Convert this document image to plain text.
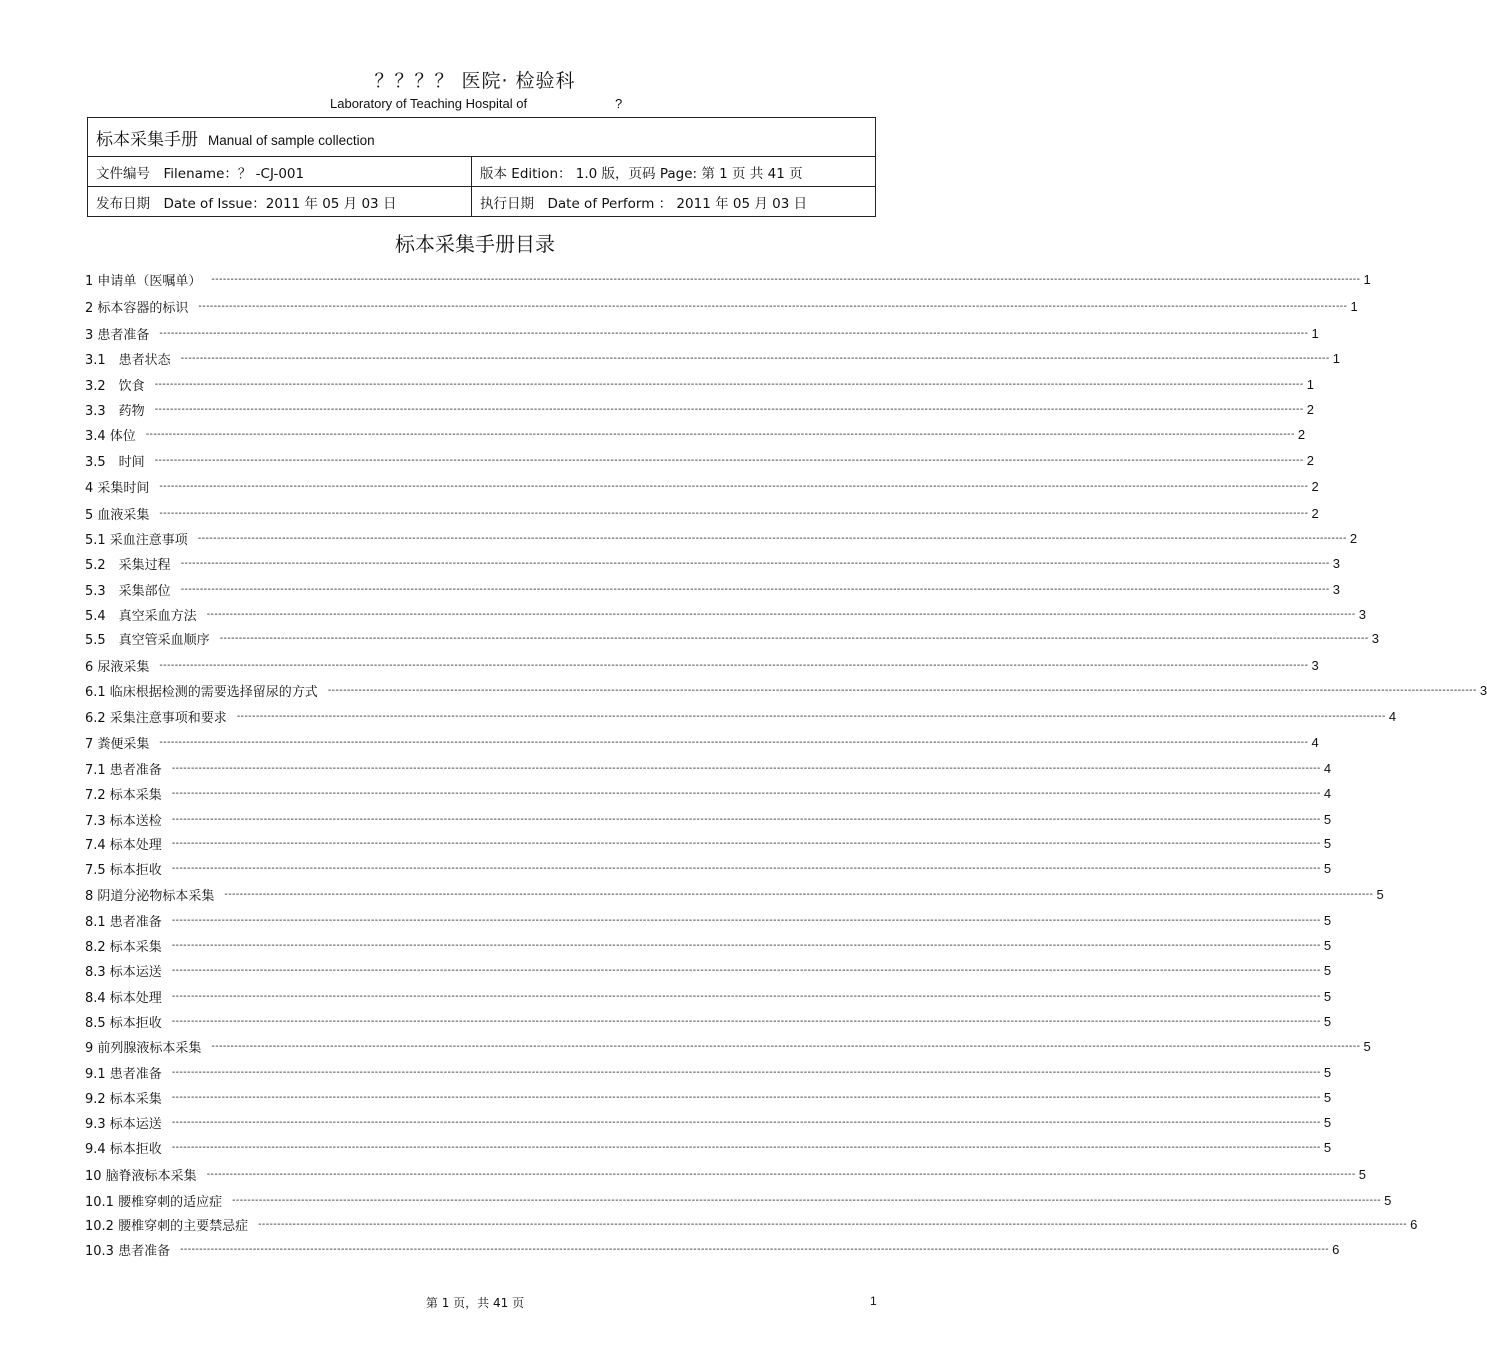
？？？？ 医院· 检验科
Laboratory of Teaching Hospital of	?
标本采集手册 Manual of sample collection	
文件编号　Filename：？ -CJ-001	版本 Edition： 1.0 版，页码 Page: 第 1 页 共 41 页
发布日期　Date of Issue：2011 年 05 月 03 日	执行日期　Date of Perform ： 2011 年 05 月 03 日
标本采集手册目录
1 申请单（医嘱单） ------------------------------------------------------------------------------------------------------------------------------------------------------------------------------------------------------------------------------------------------------------------------------------------------------------ 1
2 标本容器的标识 ------------------------------------------------------------------------------------------------------------------------------------------------------------------------------------------------------------------------------------------------------------------------------------------------------------ 1
3 患者准备 ------------------------------------------------------------------------------------------------------------------------------------------------------------------------------------------------------------------------------------------------------------------------------------------------------------ 1
3.1　患者状态 ------------------------------------------------------------------------------------------------------------------------------------------------------------------------------------------------------------------------------------------------------------------------------------------------------------ 1
3.2　饮食 ------------------------------------------------------------------------------------------------------------------------------------------------------------------------------------------------------------------------------------------------------------------------------------------------------------ 1
3.3　药物 ------------------------------------------------------------------------------------------------------------------------------------------------------------------------------------------------------------------------------------------------------------------------------------------------------------ 2
3.4 体位 ------------------------------------------------------------------------------------------------------------------------------------------------------------------------------------------------------------------------------------------------------------------------------------------------------------ 2
3.5　时间 ------------------------------------------------------------------------------------------------------------------------------------------------------------------------------------------------------------------------------------------------------------------------------------------------------------ 2
4 采集时间 ------------------------------------------------------------------------------------------------------------------------------------------------------------------------------------------------------------------------------------------------------------------------------------------------------------ 2
5 血液采集 ------------------------------------------------------------------------------------------------------------------------------------------------------------------------------------------------------------------------------------------------------------------------------------------------------------ 2
5.1 采血注意事项 ------------------------------------------------------------------------------------------------------------------------------------------------------------------------------------------------------------------------------------------------------------------------------------------------------------ 2
5.2　采集过程 ------------------------------------------------------------------------------------------------------------------------------------------------------------------------------------------------------------------------------------------------------------------------------------------------------------ 3
5.3　采集部位 ------------------------------------------------------------------------------------------------------------------------------------------------------------------------------------------------------------------------------------------------------------------------------------------------------------ 3
5.4　真空采血方法 ------------------------------------------------------------------------------------------------------------------------------------------------------------------------------------------------------------------------------------------------------------------------------------------------------------ 3
5.5　真空管采血顺序 ------------------------------------------------------------------------------------------------------------------------------------------------------------------------------------------------------------------------------------------------------------------------------------------------------------ 3
6 尿液采集 ------------------------------------------------------------------------------------------------------------------------------------------------------------------------------------------------------------------------------------------------------------------------------------------------------------ 3
6.1 临床根据检测的需要选择留尿的方式 ------------------------------------------------------------------------------------------------------------------------------------------------------------------------------------------------------------------------------------------------------------------------------------------------------------ 3
6.2 采集注意事项和要求 ------------------------------------------------------------------------------------------------------------------------------------------------------------------------------------------------------------------------------------------------------------------------------------------------------------ 4
7 粪便采集 ------------------------------------------------------------------------------------------------------------------------------------------------------------------------------------------------------------------------------------------------------------------------------------------------------------ 4
7.1 患者准备 ------------------------------------------------------------------------------------------------------------------------------------------------------------------------------------------------------------------------------------------------------------------------------------------------------------ 4
7.2 标本采集 ------------------------------------------------------------------------------------------------------------------------------------------------------------------------------------------------------------------------------------------------------------------------------------------------------------ 4
7.3 标本送检 ------------------------------------------------------------------------------------------------------------------------------------------------------------------------------------------------------------------------------------------------------------------------------------------------------------ 5
7.4 标本处理 ------------------------------------------------------------------------------------------------------------------------------------------------------------------------------------------------------------------------------------------------------------------------------------------------------------ 5
7.5 标本拒收 ------------------------------------------------------------------------------------------------------------------------------------------------------------------------------------------------------------------------------------------------------------------------------------------------------------ 5
8 阴道分泌物标本采集 ------------------------------------------------------------------------------------------------------------------------------------------------------------------------------------------------------------------------------------------------------------------------------------------------------------ 5
8.1 患者准备 ------------------------------------------------------------------------------------------------------------------------------------------------------------------------------------------------------------------------------------------------------------------------------------------------------------ 5
8.2 标本采集 ------------------------------------------------------------------------------------------------------------------------------------------------------------------------------------------------------------------------------------------------------------------------------------------------------------ 5
8.3 标本运送 ------------------------------------------------------------------------------------------------------------------------------------------------------------------------------------------------------------------------------------------------------------------------------------------------------------ 5
8.4 标本处理 ------------------------------------------------------------------------------------------------------------------------------------------------------------------------------------------------------------------------------------------------------------------------------------------------------------ 5
8.5 标本拒收 ------------------------------------------------------------------------------------------------------------------------------------------------------------------------------------------------------------------------------------------------------------------------------------------------------------ 5
9 前列腺液标本采集 ------------------------------------------------------------------------------------------------------------------------------------------------------------------------------------------------------------------------------------------------------------------------------------------------------------ 5
9.1 患者准备 ------------------------------------------------------------------------------------------------------------------------------------------------------------------------------------------------------------------------------------------------------------------------------------------------------------ 5
9.2 标本采集 ------------------------------------------------------------------------------------------------------------------------------------------------------------------------------------------------------------------------------------------------------------------------------------------------------------ 5
9.3 标本运送 ------------------------------------------------------------------------------------------------------------------------------------------------------------------------------------------------------------------------------------------------------------------------------------------------------------ 5
9.4 标本拒收 ------------------------------------------------------------------------------------------------------------------------------------------------------------------------------------------------------------------------------------------------------------------------------------------------------------ 5
10 脑脊液标本采集 ------------------------------------------------------------------------------------------------------------------------------------------------------------------------------------------------------------------------------------------------------------------------------------------------------------ 5
10.1 腰椎穿刺的适应症 ------------------------------------------------------------------------------------------------------------------------------------------------------------------------------------------------------------------------------------------------------------------------------------------------------------ 5
10.2 腰椎穿刺的主要禁忌症 ------------------------------------------------------------------------------------------------------------------------------------------------------------------------------------------------------------------------------------------------------------------------------------------------------------ 6
10.3 患者准备 ------------------------------------------------------------------------------------------------------------------------------------------------------------------------------------------------------------------------------------------------------------------------------------------------------------ 6
第 1 页，共 41 页	1
